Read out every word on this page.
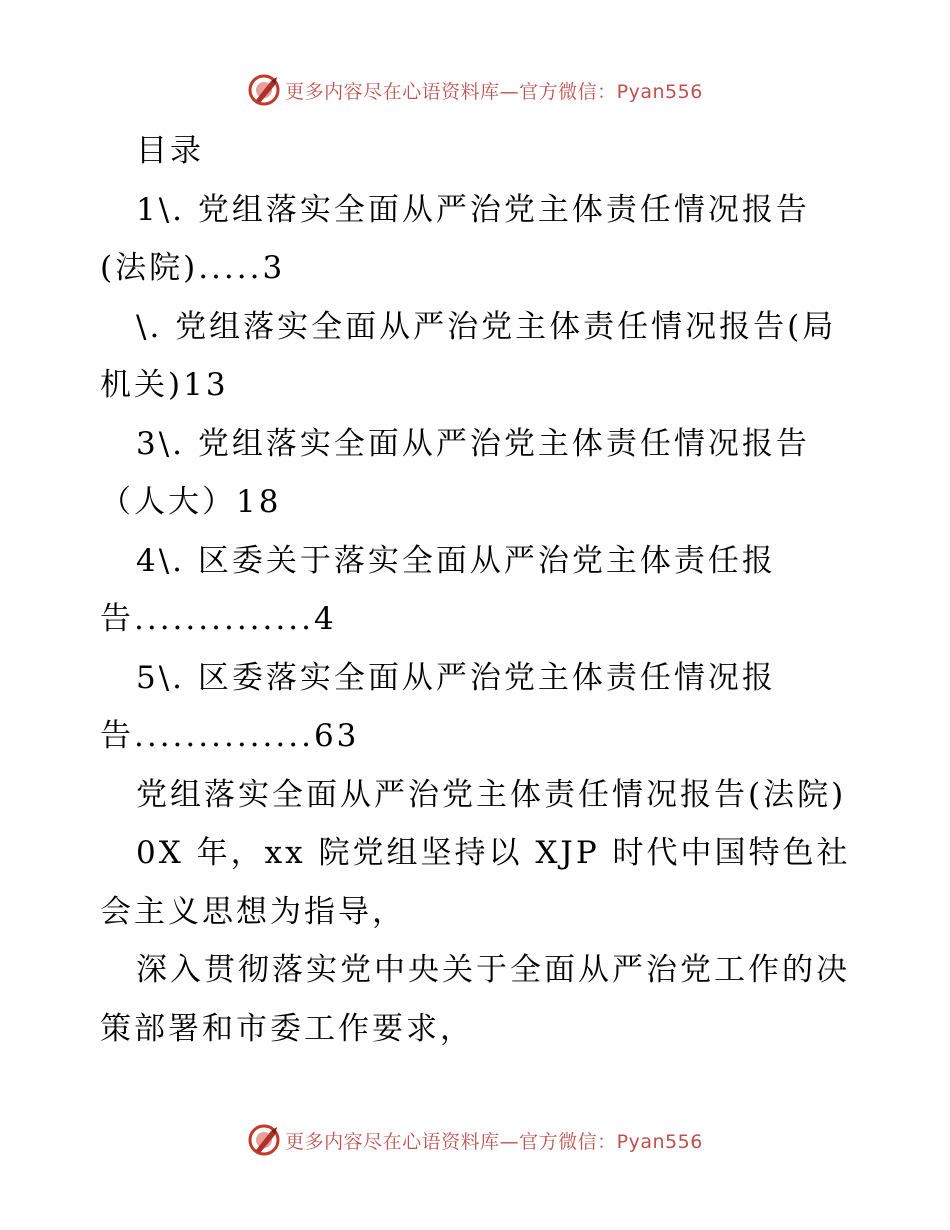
更多内容尽在心语资料库—官方微信：Pyan556
目录
1\. 党组落实全面从严治党主体责任情况报告
(法院).....3
\. 党组落实全面从严治党主体责任情况报告(局
机关)13
3\. 党组落实全面从严治党主体责任情况报告
（人大）18
4\. 区委关于落实全面从严治党主体责任报
告..............4
5\. 区委落实全面从严治党主体责任情况报
告..............63
党组落实全面从严治党主体责任情况报告(法院)
0X 年，xx 院党组坚持以 XJP 时代中国特色社
会主义思想为指导，
深入贯彻落实党中央关于全面从严治党工作的决
策部署和市委工作要求，
更多内容尽在心语资料库—官方微信：Pyan556
